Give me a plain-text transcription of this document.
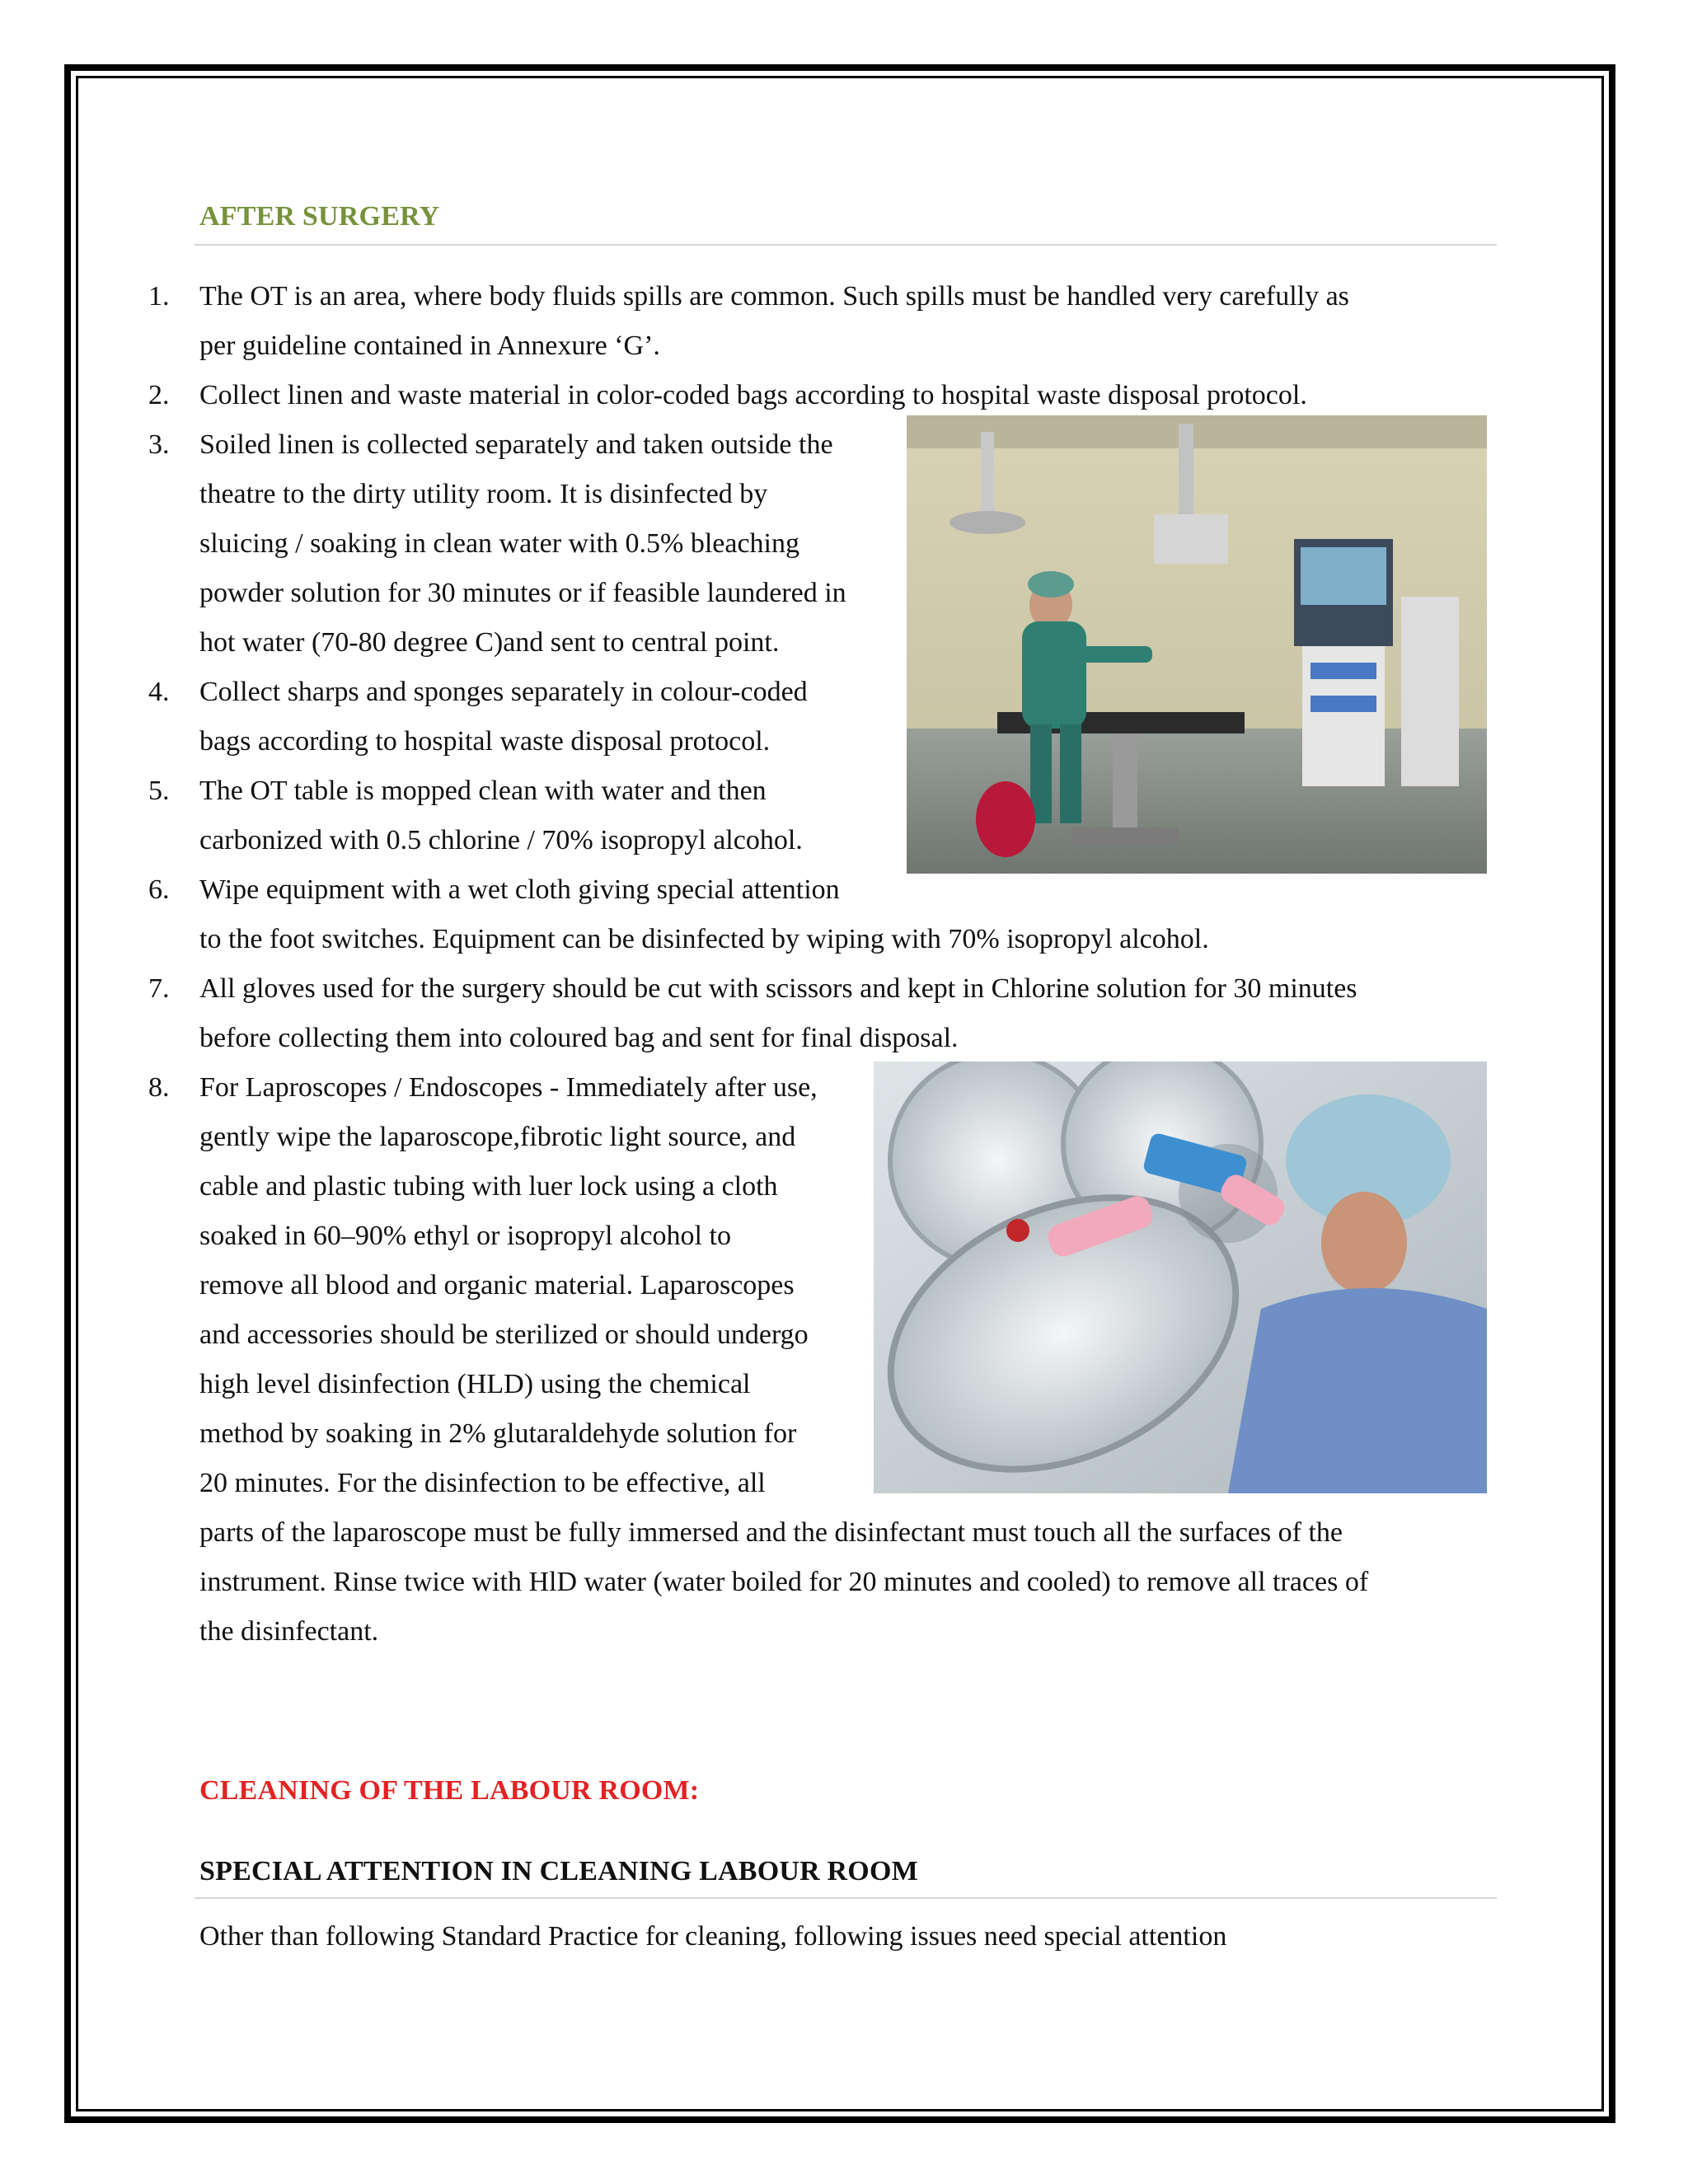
AFTER SURGERY
1. The OT is an area, where body fluids spills are common. Such spills must be handled very carefully as
per guideline contained in Annexure ‘G’.
2. Collect linen and waste material in color-coded bags according to hospital waste disposal protocol.
3. Soiled linen is collected separately and taken outside the
theatre to the dirty utility room. It is disinfected by
sluicing / soaking in clean water with 0.5% bleaching
powder solution for 30 minutes or if feasible laundered in
hot water (70-80 degree C)and sent to central point.
4. Collect sharps and sponges separately in colour-coded
bags according to hospital waste disposal protocol.
5. The OT table is mopped clean with water and then
carbonized with 0.5 chlorine / 70% isopropyl alcohol.
6. Wipe equipment with a wet cloth giving special attention
to the foot switches. Equipment can be disinfected by wiping with 70% isopropyl alcohol.
7. All gloves used for the surgery should be cut with scissors and kept in Chlorine solution for 30 minutes
before collecting them into coloured bag and sent for final disposal.
8. For Laproscopes / Endoscopes - Immediately after use,
gently wipe the laparoscope,fibrotic light source, and
cable and plastic tubing with luer lock using a cloth
soaked in 60–90% ethyl or isopropyl alcohol to
remove all blood and organic material. Laparoscopes
and accessories should be sterilized or should undergo
high level disinfection (HLD) using the chemical
method by soaking in 2% glutaraldehyde solution for
20 minutes. For the disinfection to be effective, all
parts of the laparoscope must be fully immersed and the disinfectant must touch all the surfaces of the
instrument. Rinse twice with HlD water (water boiled for 20 minutes and cooled) to remove all traces of
the disinfectant.
CLEANING OF THE LABOUR ROOM:
SPECIAL ATTENTION IN CLEANING LABOUR ROOM
Other than following Standard Practice for cleaning, following issues need special attention
